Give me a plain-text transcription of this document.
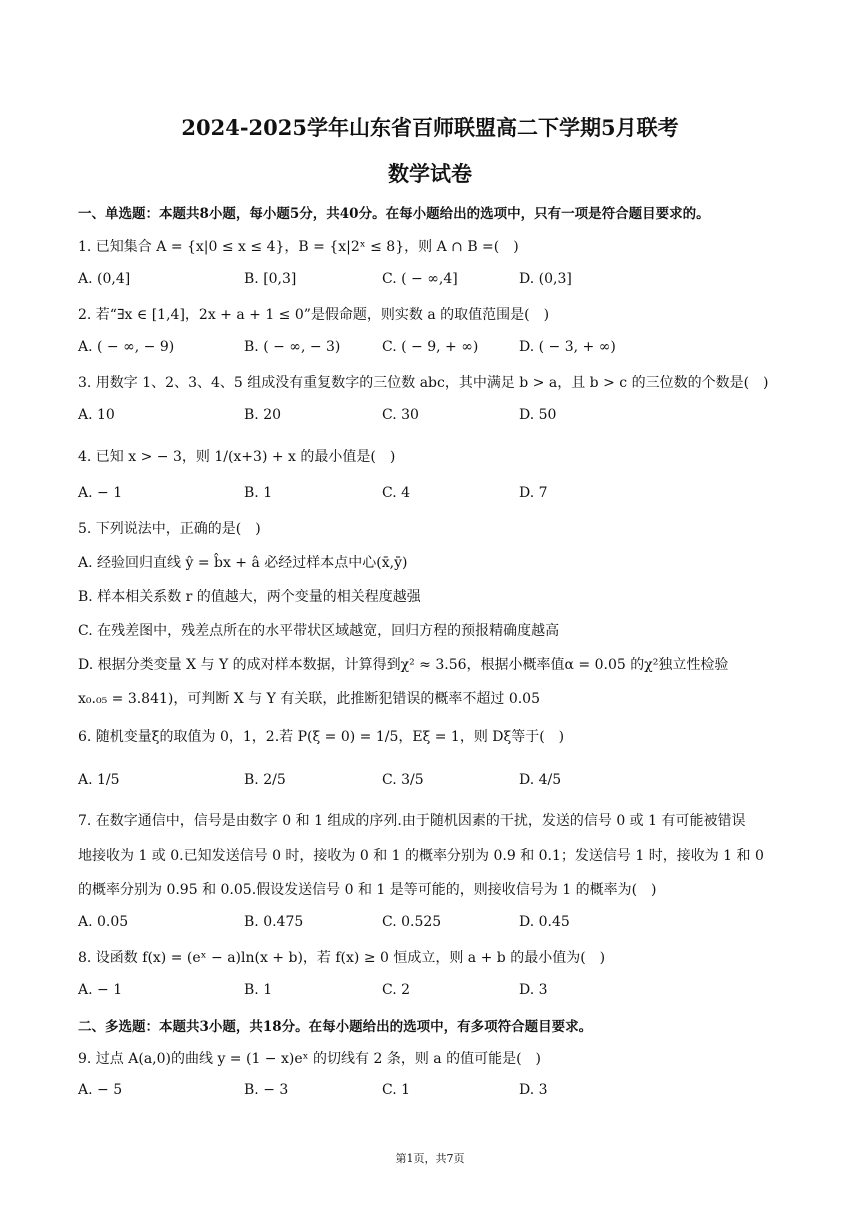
2024-2025学年山东省百师联盟高二下学期5月联考
数学试卷
一、单选题：本题共8小题，每小题5分，共40分。在每小题给出的选项中，只有一项是符合题目要求的。
1. 已知集合 A = {x|0 ≤ x ≤ 4}，B = {x|2ˣ ≤ 8}，则 A ∩ B =(　)
A. (0,4]	B. [0,3]	C. ( − ∞,4]	D. (0,3]
2. 若“∃x ∈ [1,4]，2x + a + 1 ≤ 0”是假命题，则实数 a 的取值范围是(　)
A. ( − ∞, − 9)	B. ( − ∞, − 3)	C. ( − 9, + ∞)	D. ( − 3, + ∞)
3. 用数字 1、2、3、4、5 组成没有重复数字的三位数 abc，其中满足 b > a，且 b > c 的三位数的个数是(　)
A. 10	B. 20	C. 30	D. 50
4. 已知 x > − 3，则 1/(x+3) + x 的最小值是(　)
A. − 1	B. 1	C. 4	D. 7
5. 下列说法中，正确的是(　)
A. 经验回归直线 ŷ = b̂x + â 必经过样本点中心(x̄,ȳ)
B. 样本相关系数 r 的值越大，两个变量的相关程度越强
C. 在残差图中，残差点所在的水平带状区域越宽，回归方程的预报精确度越高
D. 根据分类变量 X 与 Y 的成对样本数据，计算得到χ² ≈ 3.56，根据小概率值α = 0.05 的χ²独立性检验
x₀.₀₅ = 3.841)，可判断 X 与 Y 有关联，此推断犯错误的概率不超过 0.05
6. 随机变量ξ的取值为 0，1，2.若 P(ξ = 0) = 1/5，Eξ = 1，则 Dξ等于(　)
A. 1/5	B. 2/5	C. 3/5	D. 4/5
7. 在数字通信中，信号是由数字 0 和 1 组成的序列.由于随机因素的干扰，发送的信号 0 或 1 有可能被错误
地接收为 1 或 0.已知发送信号 0 时，接收为 0 和 1 的概率分别为 0.9 和 0.1；发送信号 1 时，接收为 1 和 0
的概率分别为 0.95 和 0.05.假设发送信号 0 和 1 是等可能的，则接收信号为 1 的概率为(　)
A. 0.05	B. 0.475	C. 0.525	D. 0.45
8. 设函数 f(x) = (eˣ − a)ln(x + b)，若 f(x) ≥ 0 恒成立，则 a + b 的最小值为(　)
A. − 1	B. 1	C. 2	D. 3
二、多选题：本题共3小题，共18分。在每小题给出的选项中，有多项符合题目要求。
9. 过点 A(a,0)的曲线 y = (1 − x)eˣ 的切线有 2 条，则 a 的值可能是(　)
A. − 5	B. − 3	C. 1	D. 3
第1页，共7页
